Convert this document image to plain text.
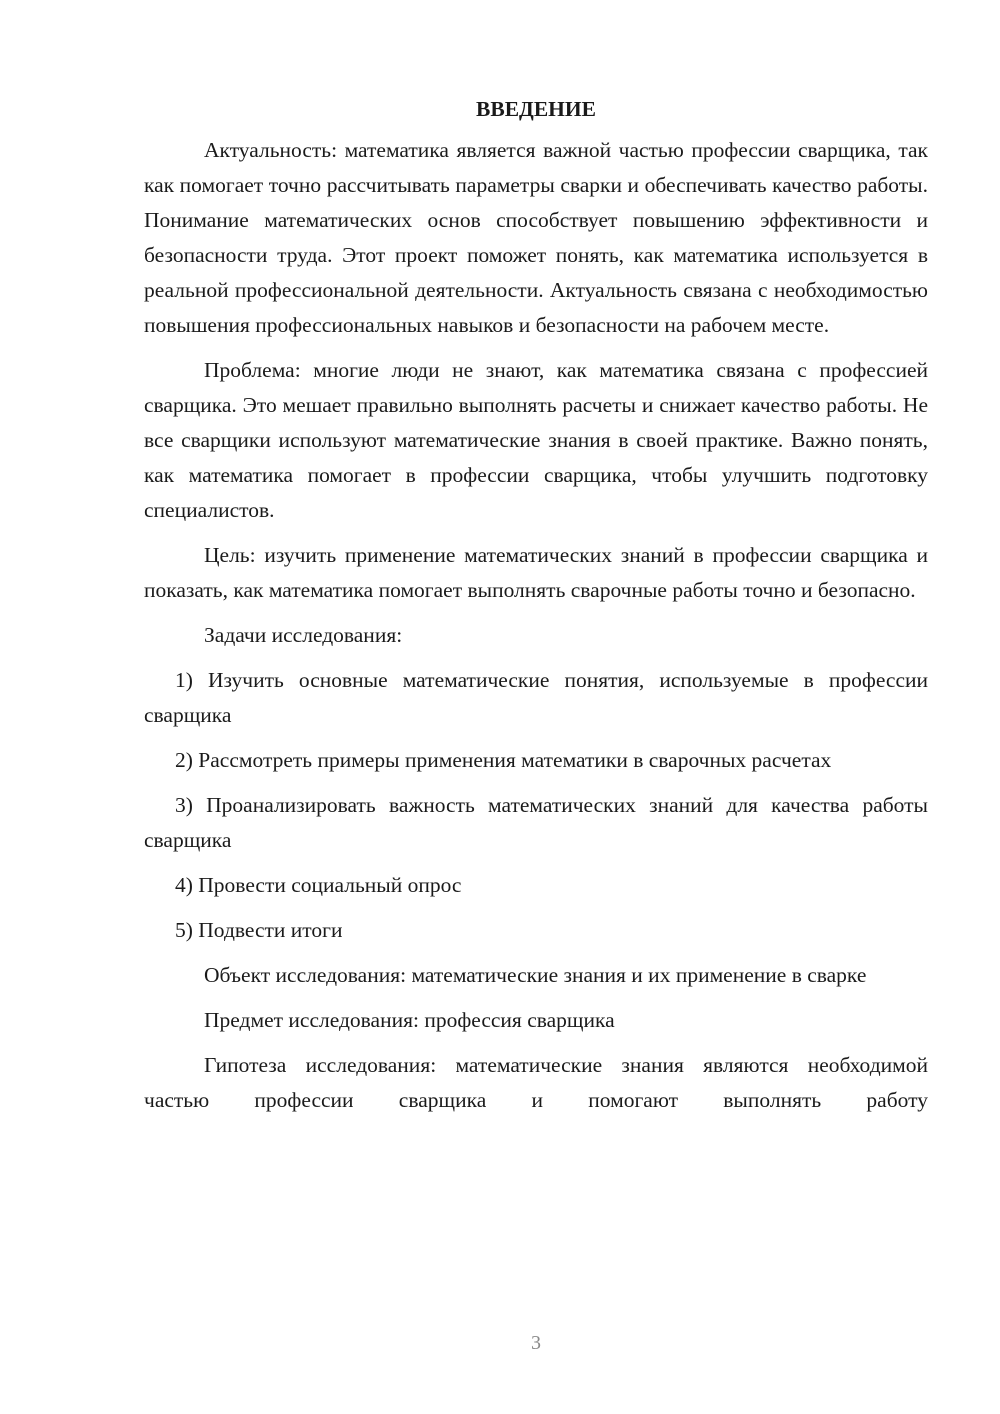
ВВЕДЕНИЕ

Актуальность: математика является важной частью профессии сварщика, так как помогает точно рассчитывать параметры сварки и обеспечивать качество работы. Понимание математических основ способствует повышению эффективности и безопасности труда. Этот проект поможет понять, как математика используется в реальной профессиональной деятельности. Актуальность связана с необходимостью повышения профессиональных навыков и безопасности на рабочем месте.

Проблема: многие люди не знают, как математика связана с профессией сварщика. Это мешает правильно выполнять расчеты и снижает качество работы. Не все сварщики используют математические знания в своей практике. Важно понять, как математика помогает в профессии сварщика, чтобы улучшить подготовку специалистов.

Цель: изучить применение математических знаний в профессии сварщика и показать, как математика помогает выполнять сварочные работы точно и безопасно.

Задачи исследования:

1) Изучить основные математические понятия, используемые в профессии сварщика

2) Рассмотреть примеры применения математики в сварочных расчетах

3) Проанализировать важность математических знаний для качества работы сварщика

4) Провести социальный опрос

5) Подвести итоги

Объект исследования: математические знания и их применение в сварке

Предмет исследования: профессия сварщика

Гипотеза исследования: математические знания являются необходимой частью профессии сварщика и помогают выполнять работу

3
